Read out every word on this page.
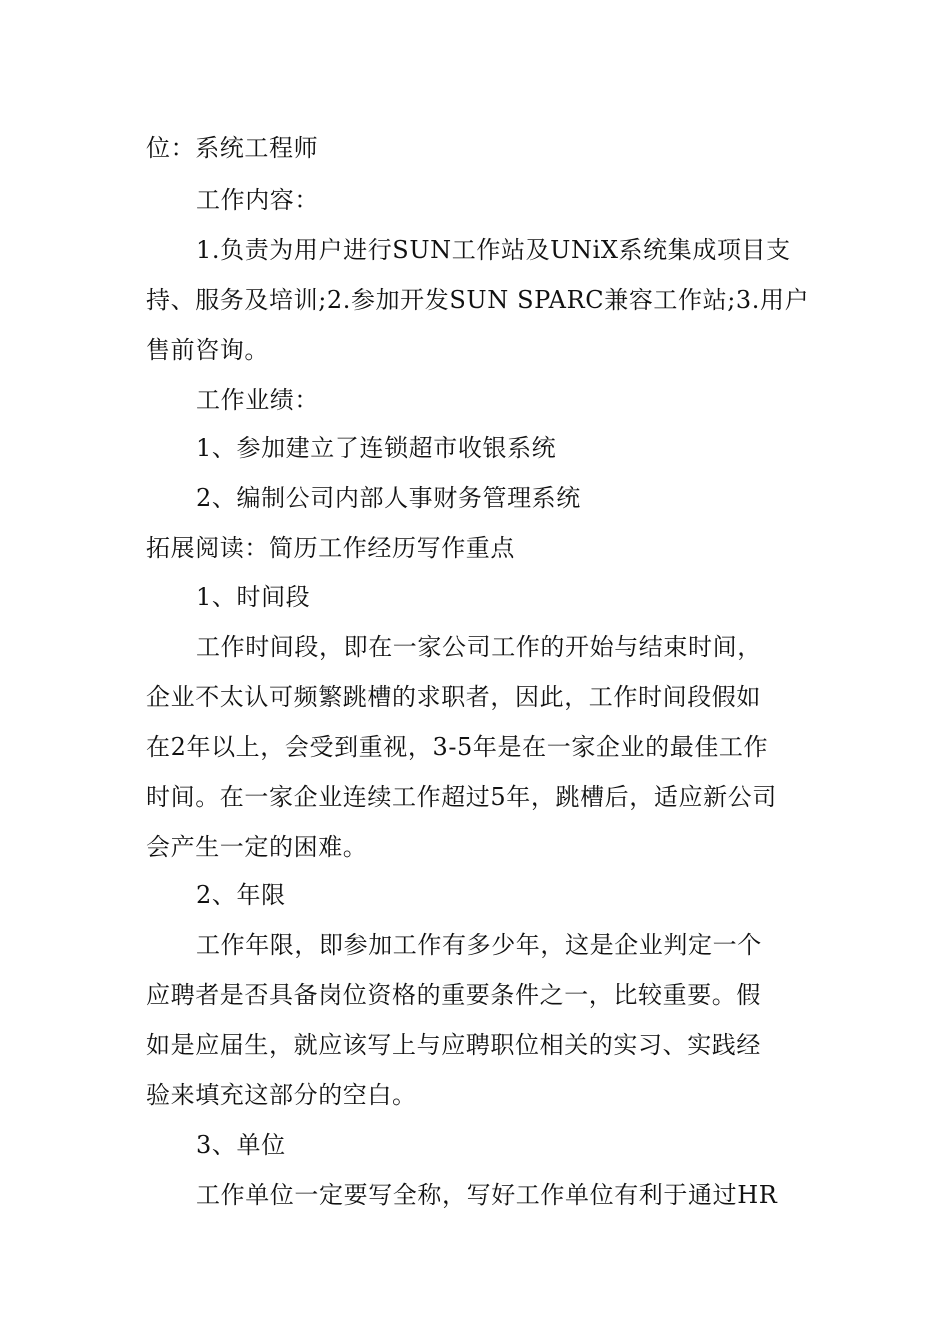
位：系统工程师
工作内容：
1.负责为用户进行SUN工作站及UNiX系统集成项目支
持、服务及培训;2.参加开发SUN SPARC兼容工作站;3.用户
售前咨询。
工作业绩：
1、参加建立了连锁超市收银系统
2、编制公司内部人事财务管理系统
拓展阅读：简历工作经历写作重点
1、时间段
工作时间段，即在一家公司工作的开始与结束时间，
企业不太认可频繁跳槽的求职者，因此，工作时间段假如
在2年以上，会受到重视，3-5年是在一家企业的最佳工作
时间。在一家企业连续工作超过5年，跳槽后，适应新公司
会产生一定的困难。
2、年限
工作年限，即参加工作有多少年，这是企业判定一个
应聘者是否具备岗位资格的重要条件之一，比较重要。假
如是应届生，就应该写上与应聘职位相关的实习、实践经
验来填充这部分的空白。
3、单位
工作单位一定要写全称，写好工作单位有利于通过HR
